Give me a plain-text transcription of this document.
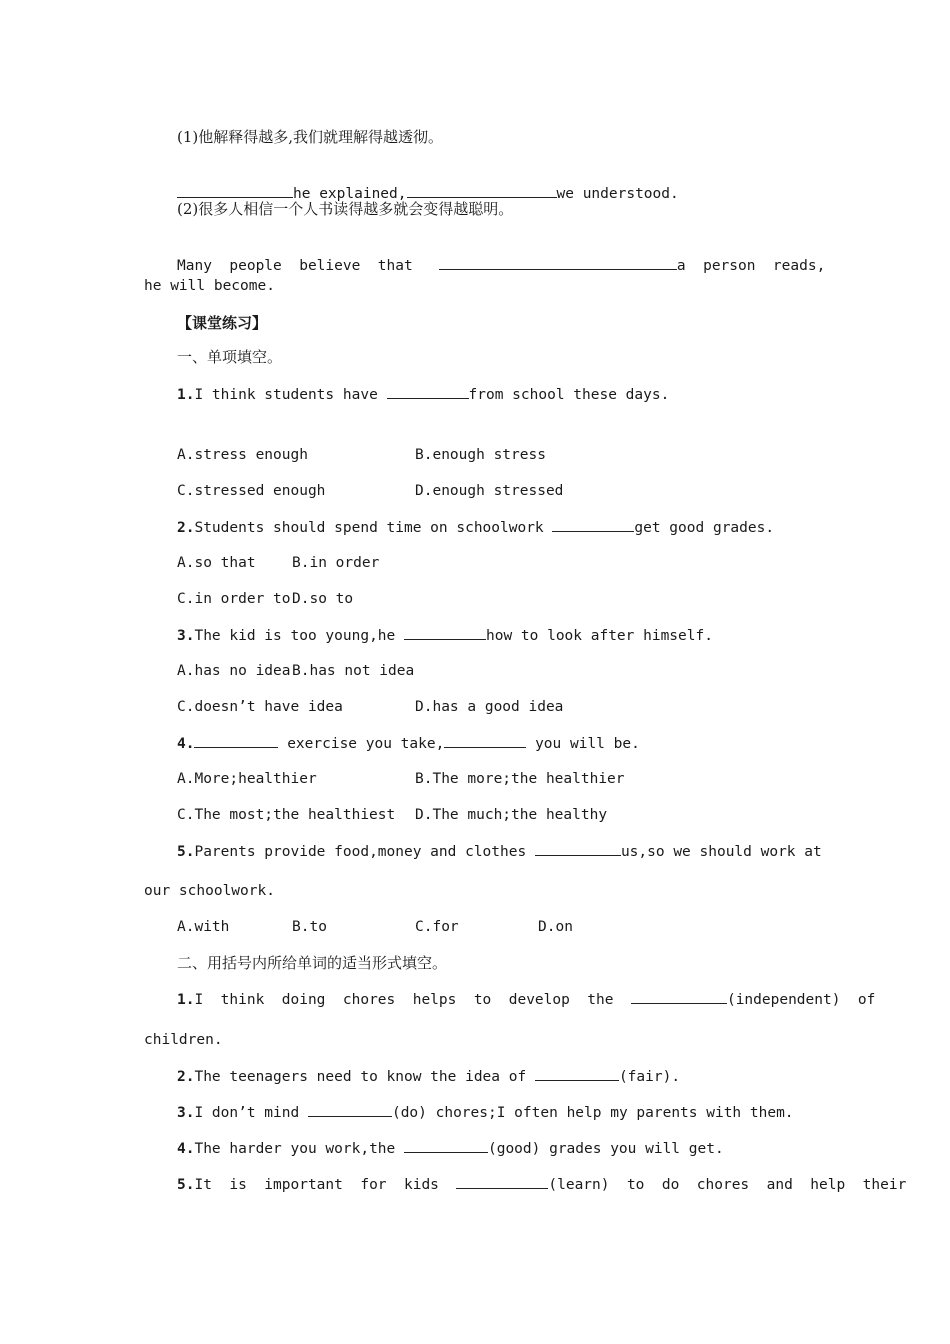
(1)他解释得越多,我们就理解得越透彻。

he explained,	we understood.

(2)很多人相信一个人书读得越多就会变得越聪明。

Many  people  believe  that	a  person  reads,

he will become.
【课堂练习】
一、单项填空。
1.I think students have	from school these days.
A.stress enough	B.enough stress
C.stressed enough	D.enough stressed
2.Students should spend time on schoolwork	get good grades.
A.so that	B.in order
C.in order to D.so to
3.The kid is too young,he	how to look after himself.
A.has no idea B.has not idea
C.doesn’t have idea	D.has a good idea
4.	exercise you take,	you will be.
A.More;healthier	B.The more;the healthier
C.The most;the healthiest D.The much;the healthy
5.Parents provide food,money and clothes	us,so we should work at
our schoolwork.
A.with	B.to	C.for	D.on
二、用括号内所给单词的适当形式填空。
1.I  think  doing  chores  helps  to  develop  the	(independent)  of
children.
2.The teenagers need to know the idea of	(fair).
3.I don’t mind	(do) chores;I often help my parents with them.
4.The harder you work,the	(good) grades you will get.
5.It  is  important  for  kids	(learn)  to  do  chores  and  help  their
